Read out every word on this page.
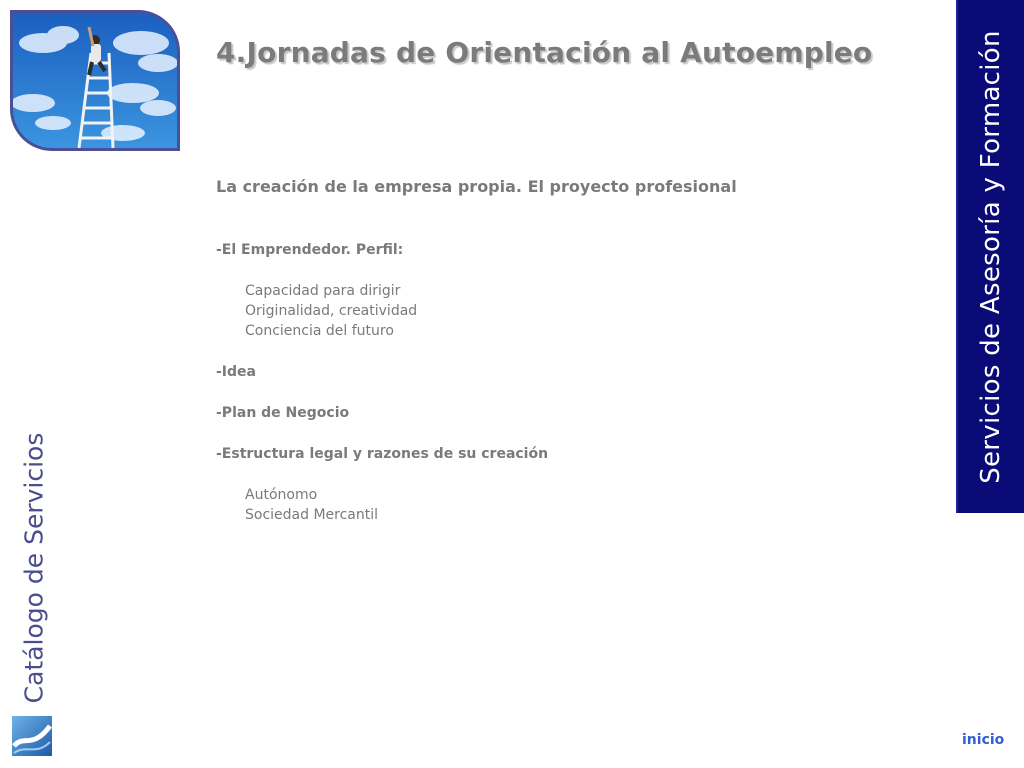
4.Jornadas de Orientación al Autoempleo

La creación de la empresa propia. El proyecto profesional

-El Emprendedor. Perfil:

Capacidad para dirigir

Originalidad, creatividad

Conciencia del futuro

-Idea

-Plan de Negocio

-Estructura legal y razones de su creación

Autónomo

Sociedad Mercantil

Servicios de Asesoría y Formación
Catálogo de Servicios
inicio
